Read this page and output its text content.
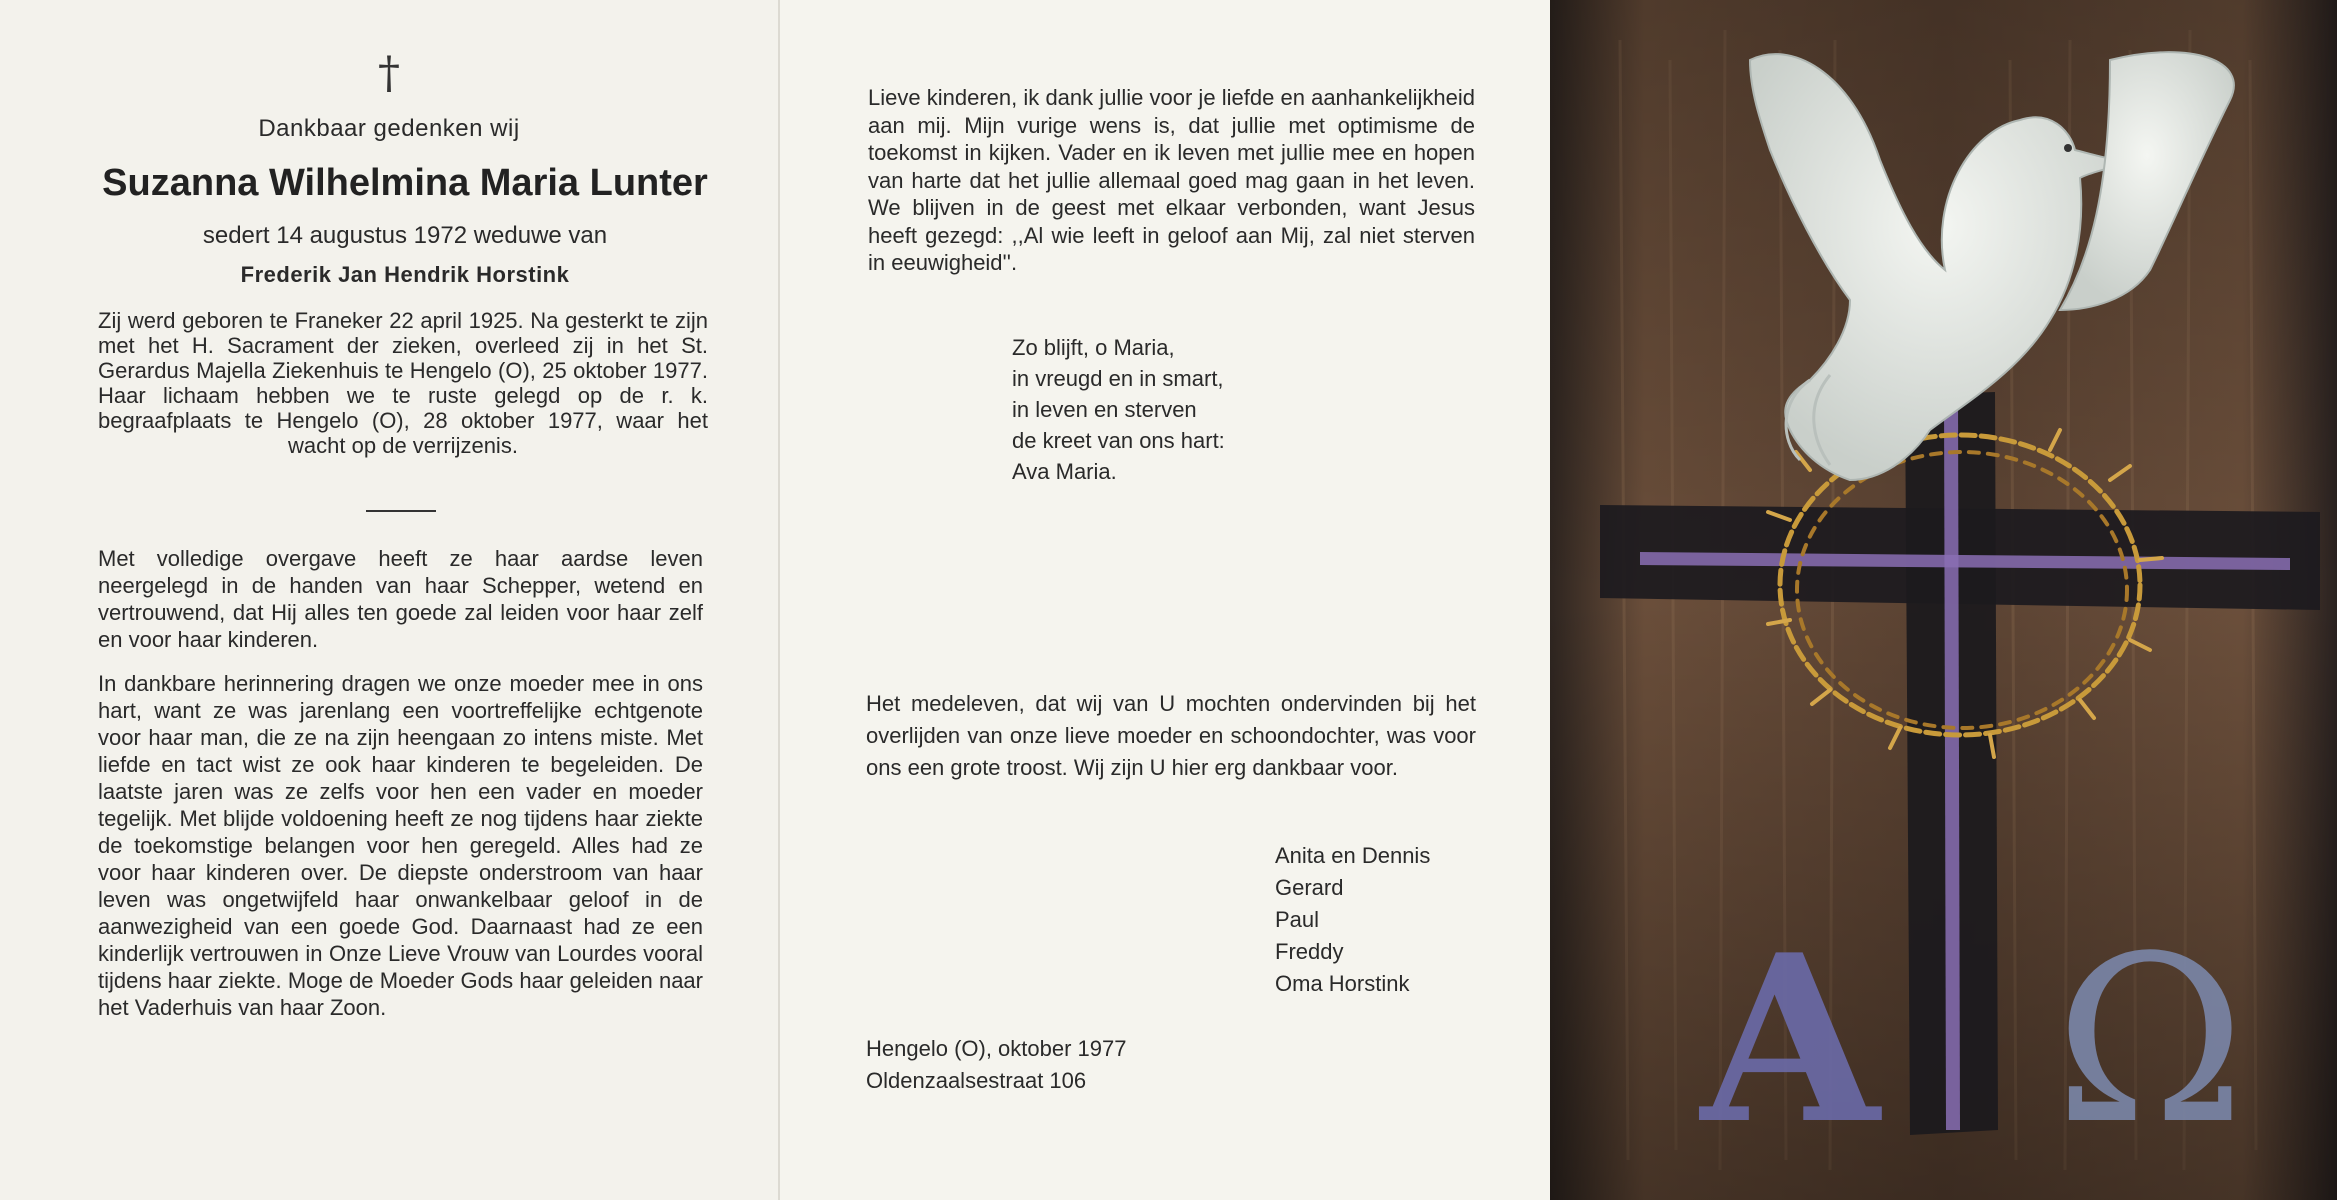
†
Dankbaar gedenken wij
Suzanna Wilhelmina Maria Lunter
sedert 14 augustus 1972 weduwe van
Frederik Jan Hendrik Horstink
Zij werd geboren te Franeker 22 april 1925. Na gesterkt te zijn met het H. Sacrament der zieken, overleed zij in het St. Gerardus Majella Ziekenhuis te Hengelo (O), 25 oktober 1977. Haar lichaam hebben we te ruste gelegd op de r. k. begraafplaats te Hengelo (O), 28 oktober 1977, waar het wacht op de verrijzenis.
Met volledige overgave heeft ze haar aardse leven neergelegd in de handen van haar Schepper, wetend en vertrouwend, dat Hij alles ten goede zal leiden voor haar zelf en voor haar kinderen.
In dankbare herinnering dragen we onze moeder mee in ons hart, want ze was jarenlang een voortreffelijke echtgenote voor haar man, die ze na zijn heengaan zo intens miste. Met liefde en tact wist ze ook haar kinderen te begeleiden. De laatste jaren was ze zelfs voor hen een vader en moeder tegelijk. Met blijde voldoening heeft ze nog tijdens haar ziekte de toekomstige belangen voor hen geregeld. Alles had ze voor haar kinderen over. De diepste onderstroom van haar leven was ongetwijfeld haar onwankelbaar geloof in de aanwezigheid van een goede God. Daarnaast had ze een kinderlijk vertrouwen in Onze Lieve Vrouw van Lourdes vooral tijdens haar ziekte. Moge de Moeder Gods haar geleiden naar het Vaderhuis van haar Zoon.
Lieve kinderen, ik dank jullie voor je liefde en aanhankelijkheid aan mij. Mijn vurige wens is, dat jullie met optimisme de toekomst in kijken. Vader en ik leven met jullie mee en hopen van harte dat het jullie allemaal goed mag gaan in het leven. We blijven in de geest met elkaar verbonden, want Jesus heeft gezegd: ,,Al wie leeft in geloof aan Mij, zal niet sterven in eeuwigheid''.
Zo blijft, o Maria,
in vreugd en in smart,
in leven en sterven
de kreet van ons hart:
Ava Maria.
Het medeleven, dat wij van U mochten ondervinden bij het overlijden van onze lieve moeder en schoondochter, was voor ons een grote troost. Wij zijn U hier erg dankbaar voor.
Anita en Dennis
Gerard
Paul
Freddy
Oma Horstink
Hengelo (O), oktober 1977
Oldenzaalsestraat 106	A Ω
